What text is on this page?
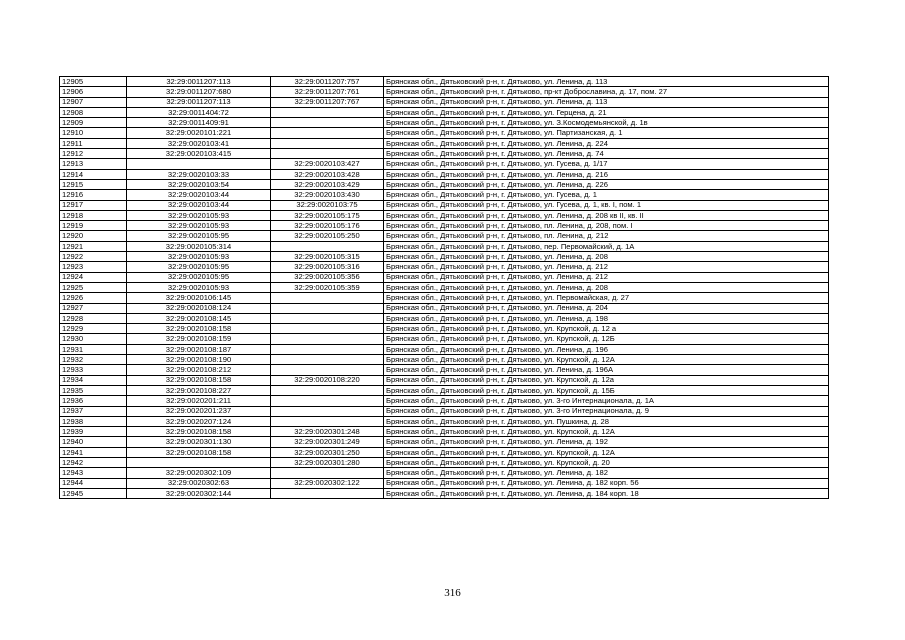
12905	32:29:0011207:113	32:29:0011207:757	Брянская обл., Дятьковский р-н, г. Дятьково, ул. Ленина, д. 113
12906	32:29:0011207:680	32:29:0011207:761	Брянская обл., Дятьковский р-н, г. Дятьково, пр-кт Доброславина, д. 17, пом. 27
12907	32:29:0011207:113	32:29:0011207:767	Брянская обл., Дятьковский р-н, г. Дятьково, ул. Ленина, д. 113
12908	32:29:0011404:72		Брянская обл., Дятьковский р-н, г. Дятьково, ул. Герцена, д. 21
12909	32:29:0011409:91		Брянская обл., Дятьковский р-н, г. Дятьково, ул. З.Космодемьянской, д. 1в
12910	32:29:0020101:221		Брянская обл., Дятьковский р-н, г. Дятьково, ул. Партизанская, д. 1
12911	32:29:0020103:41		Брянская обл., Дятьковский р-н, г. Дятьково, ул. Ленина, д. 224
12912	32:29:0020103:415		Брянская обл., Дятьковский р-н, г. Дятьково, ул. Ленина, д. 74
12913		32:29:0020103:427	Брянская обл., Дятьковский р-н, г. Дятьково, ул. Гусева, д. 1/17
12914	32:29:0020103:33	32:29:0020103:428	Брянская обл., Дятьковский р-н, г. Дятьково, ул. Ленина, д. 216
12915	32:29:0020103:54	32:29:0020103:429	Брянская обл., Дятьковский р-н, г. Дятьково, ул. Ленина, д. 226
12916	32:29:0020103:44	32:29:0020103:430	Брянская обл., Дятьковский р-н, г. Дятьково, ул. Гусева, д. 1
12917	32:29:0020103:44	32:29:0020103:75	Брянская обл., Дятьковский р-н, г. Дятьково, ул. Гусева, д. 1, кв. I, пом. 1
12918	32:29:0020105:93	32:29:0020105:175	Брянская обл., Дятьковский р-н, г. Дятьково, ул. Ленина, д. 208 кв II, кв. II
12919	32:29:0020105:93	32:29:0020105:176	Брянская обл., Дятьковский р-н, г. Дятьково, пл. Ленина, д. 208, пом. I
12920	32:29:0020105:95	32:29:0020105:250	Брянская обл., Дятьковский р-н, г. Дятьково, пл. Ленина, д. 212
12921	32:29:0020105:314		Брянская обл., Дятьковский р-н, г. Дятьково, пер. Первомайский, д. 1А
12922	32:29:0020105:93	32:29:0020105:315	Брянская обл., Дятьковский р-н, г. Дятьково, ул. Ленина, д. 208
12923	32:29:0020105:95	32:29:0020105:316	Брянская обл., Дятьковский р-н, г. Дятьково, ул. Ленина, д. 212
12924	32:29:0020105:95	32:29:0020105:356	Брянская обл., Дятьковский р-н, г. Дятьково, ул. Ленина, д. 212
12925	32:29:0020105:93	32:29:0020105:359	Брянская обл., Дятьковский р-н, г. Дятьково, ул. Ленина, д. 208
12926	32:29:0020106:145		Брянская обл., Дятьковский р-н, г. Дятьково, ул. Первомайская, д. 27
12927	32:29:0020108:124		Брянская обл., Дятьковский р-н, г. Дятьково, ул. Ленина, д. 204
12928	32:29:0020108:145		Брянская обл., Дятьковский р-н, г. Дятьково, ул. Ленина, д. 198
12929	32:29:0020108:158		Брянская обл., Дятьковский р-н, г. Дятьково, ул. Крупской, д. 12 а
12930	32:29:0020108:159		Брянская обл., Дятьковский р-н, г. Дятьково, ул. Крупской, д. 12Б
12931	32:29:0020108:187		Брянская обл., Дятьковский р-н, г. Дятьково, ул. Ленина, д. 196
12932	32:29:0020108:190		Брянская обл., Дятьковский р-н, г. Дятьково, ул. Крупской, д. 12А
12933	32:29:0020108:212		Брянская обл., Дятьковский р-н, г. Дятьково, ул. Ленина, д. 196А
12934	32:29:0020108:158	32:29:0020108:220	Брянская обл., Дятьковский р-н, г. Дятьково, ул. Крупской, д. 12а
12935	32:29:0020108:227		Брянская обл., Дятьковский р-н, г. Дятьково, ул. Крупской, д. 15Б
12936	32:29:0020201:211		Брянская обл., Дятьковский р-н, г. Дятьково, ул. 3-го Интернационала, д. 1А
12937	32:29:0020201:237		Брянская обл., Дятьковский р-н, г. Дятьково, ул. 3-го Интернационала, д. 9
12938	32:29:0020207:124		Брянская обл., Дятьковский р-н, г. Дятьково, ул. Пушкина, д. 28
12939	32:29:0020108:158	32:29:0020301:248	Брянская обл., Дятьковский р-н, г. Дятьково, ул. Крупской, д. 12А
12940	32:29:0020301:130	32:29:0020301:249	Брянская обл., Дятьковский р-н, г. Дятьково, ул. Ленина, д. 192
12941	32:29:0020108:158	32:29:0020301:250	Брянская обл., Дятьковский р-н, г. Дятьково, ул. Крупской, д. 12А
12942		32:29:0020301:280	Брянская обл., Дятьковский р-н, г. Дятьково, ул. Крупской, д. 20
12943	32:29:0020302:109		Брянская обл., Дятьковский р-н, г. Дятьково, ул. Ленина, д. 182
12944	32:29:0020302:63	32:29:0020302:122	Брянская обл., Дятьковский р-н, г. Дятьково, ул. Ленина, д. 182 корп. 56
12945	32:29:0020302:144		Брянская обл., Дятьковский р-н, г. Дятьково, ул. Ленина, д. 184 корп. 18
316
